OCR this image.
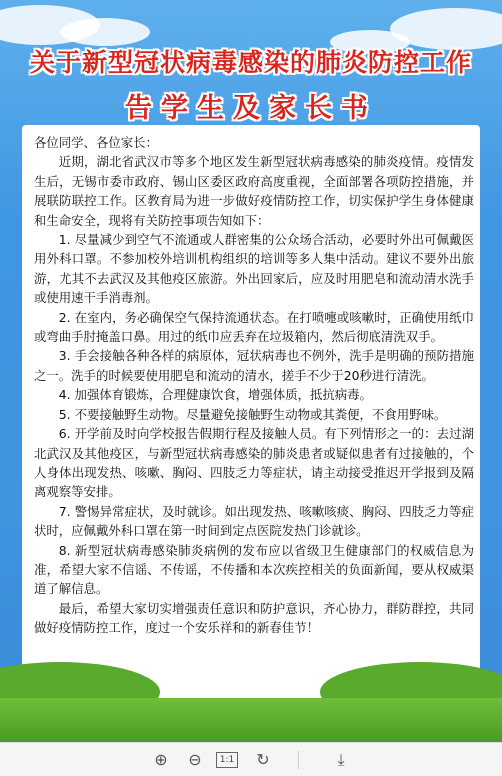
关于新型冠状病毒感染的肺炎防控工作
告学生及家长书

各位同学、各位家长：

近期，湖北省武汉市等多个地区发生新型冠状病毒感染的肺炎疫情。疫情发生后，无锡市委市政府、锡山区委区政府高度重视，全面部署各项防控措施，并展联防联控工作。区教育局为进一步做好疫情防控工作，切实保护学生身体健康和生命安全，现将有关防控事项告知如下：

1. 尽量减少到空气不流通或人群密集的公众场合活动，必要时外出可佩戴医用外科口罩。不参加校外培训机构组织的培训等多人集中活动。建议不要外出旅游，尤其不去武汉及其他疫区旅游。外出回家后，应及时用肥皂和流动清水洗手或使用速干手消毒剂。

2. 在室内，务必确保空气保持流通状态。在打喷嚏或咳嗽时，正确使用纸巾或弯曲手肘掩盖口鼻。用过的纸巾应丢弃在垃圾箱内，然后彻底清洗双手。

3. 手会接触各种各样的病原体，冠状病毒也不例外，洗手是明确的预防措施之一。洗手的时候要使用肥皂和流动的清水，搓手不少于20秒进行清洗。

4. 加强体育锻炼，合理健康饮食，增强体质，抵抗病毒。

5. 不要接触野生动物。尽量避免接触野生动物或其粪便，不食用野味。

6. 开学前及时向学校报告假期行程及接触人员。有下列情形之一的：去过湖北武汉及其他疫区，与新型冠状病毒感染的肺炎患者或疑似患者有过接触的，个人身体出现发热、咳嗽、胸闷、四肢乏力等症状，请主动接受推迟开学报到及隔离观察等安排。

7. 警惕异常症状，及时就诊。如出现发热、咳嗽咳痰、胸闷、四肢乏力等症状时，应佩戴外科口罩在第一时间到定点医院发热门诊就诊。

8. 新型冠状病毒感染肺炎病例的发布应以省级卫生健康部门的权威信息为准，希望大家不信谣、不传谣，不传播和本次疾控相关的负面新闻，要从权威渠道了解信息。

最后，希望大家切实增强责任意识和防护意识，齐心协力，群防群控，共同做好疫情防控工作，度过一个安乐祥和的新春佳节！

⊕ ⊖	1:1 ↻	⤓
